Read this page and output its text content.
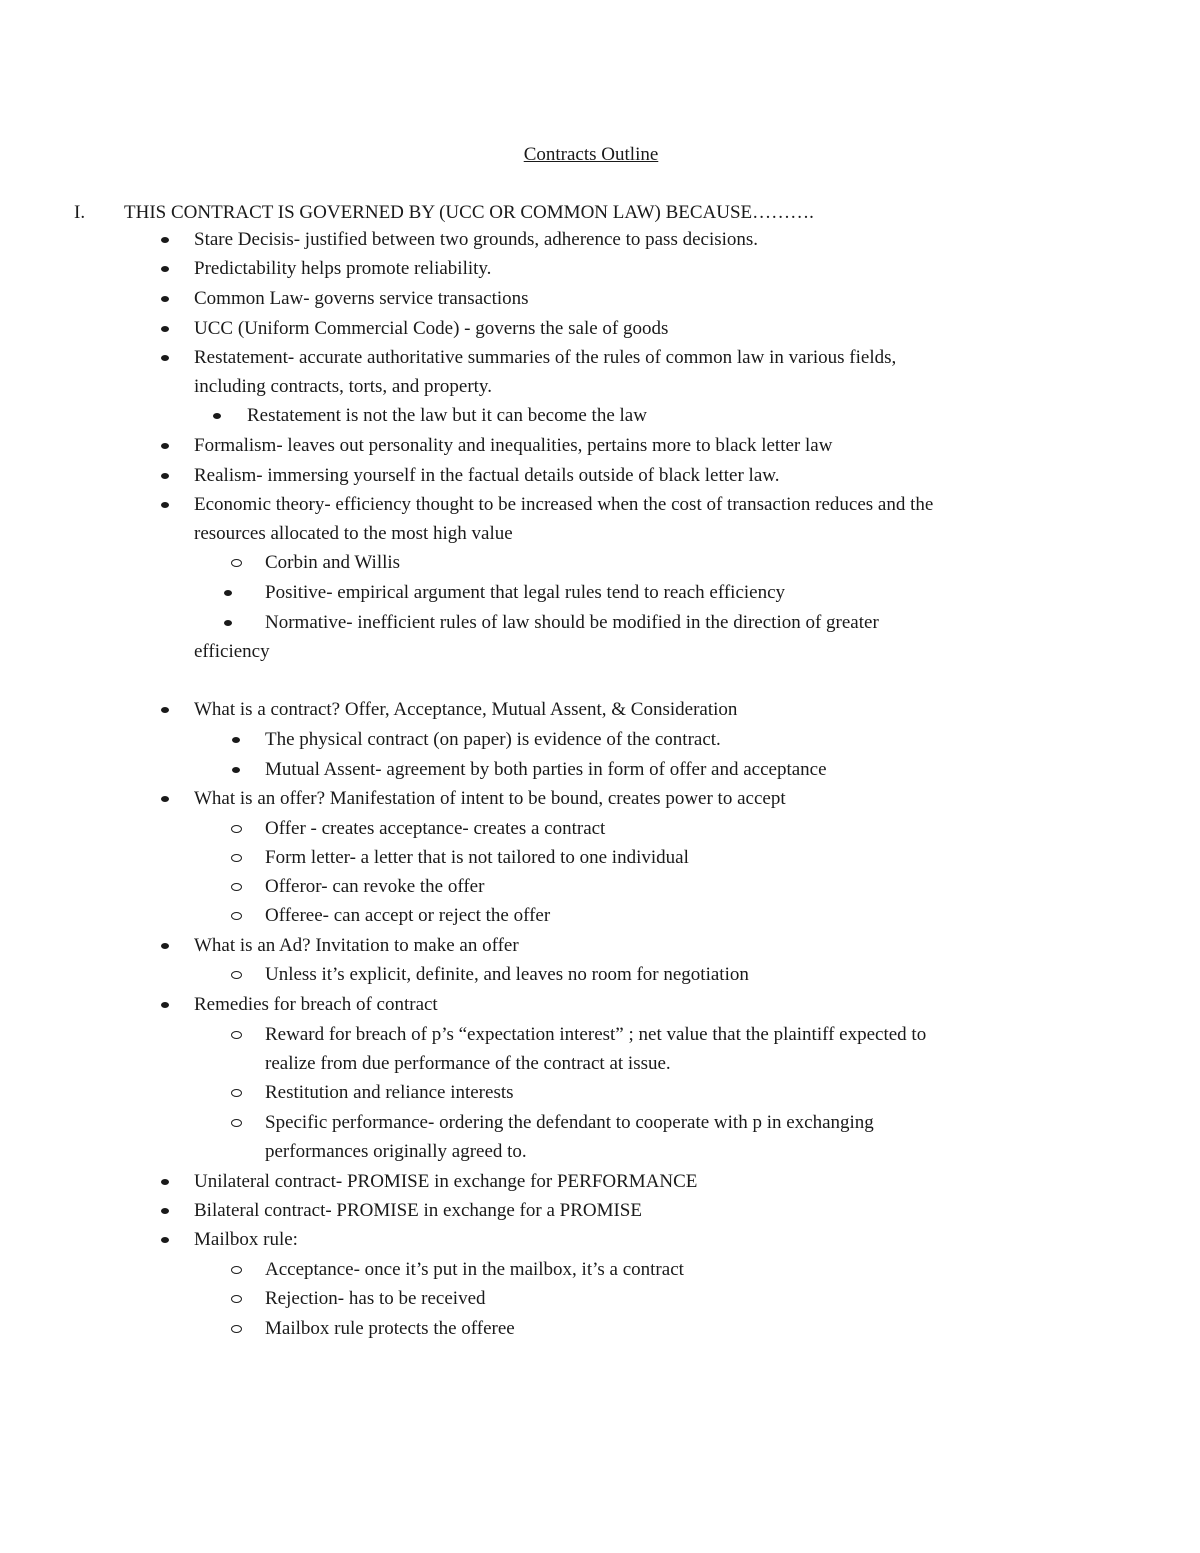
Contracts Outline
I. THIS CONTRACT IS GOVERNED BY (UCC OR COMMON LAW) BECAUSE……….
Stare Decisis- justified between two grounds, adherence to pass decisions.
Predictability helps promote reliability.
Common Law- governs service transactions
UCC (Uniform Commercial Code) - governs the sale of goods
Restatement- accurate authoritative summaries of the rules of common law in various fields,
including contracts, torts, and property.
Restatement is not the law but it can become the law
Formalism- leaves out personality and inequalities, pertains more to black letter law
Realism- immersing yourself in the factual details outside of black letter law.
Economic theory- efficiency thought to be increased when the cost of transaction reduces and the
resources allocated to the most high value
Corbin and Willis
Positive- empirical argument that legal rules tend to reach efficiency
Normative- inefficient rules of law should be modified in the direction of greater
efficiency
What is a contract? Offer, Acceptance, Mutual Assent, & Consideration
The physical contract (on paper) is evidence of the contract.
Mutual Assent- agreement by both parties in form of offer and acceptance
What is an offer? Manifestation of intent to be bound, creates power to accept
Offer - creates acceptance- creates a contract
Form letter- a letter that is not tailored to one individual
Offeror- can revoke the offer
Offeree- can accept or reject the offer
What is an Ad? Invitation to make an offer
Unless it’s explicit, definite, and leaves no room for negotiation
Remedies for breach of contract
Reward for breach of p’s “expectation interest” ; net value that the plaintiff expected to
realize from due performance of the contract at issue.
Restitution and reliance interests
Specific performance- ordering the defendant to cooperate with p in exchanging
performances originally agreed to.
Unilateral contract- PROMISE in exchange for PERFORMANCE
Bilateral contract- PROMISE in exchange for a PROMISE
Mailbox rule:
Acceptance- once it’s put in the mailbox, it’s a contract
Rejection- has to be received
Mailbox rule protects the offeree
